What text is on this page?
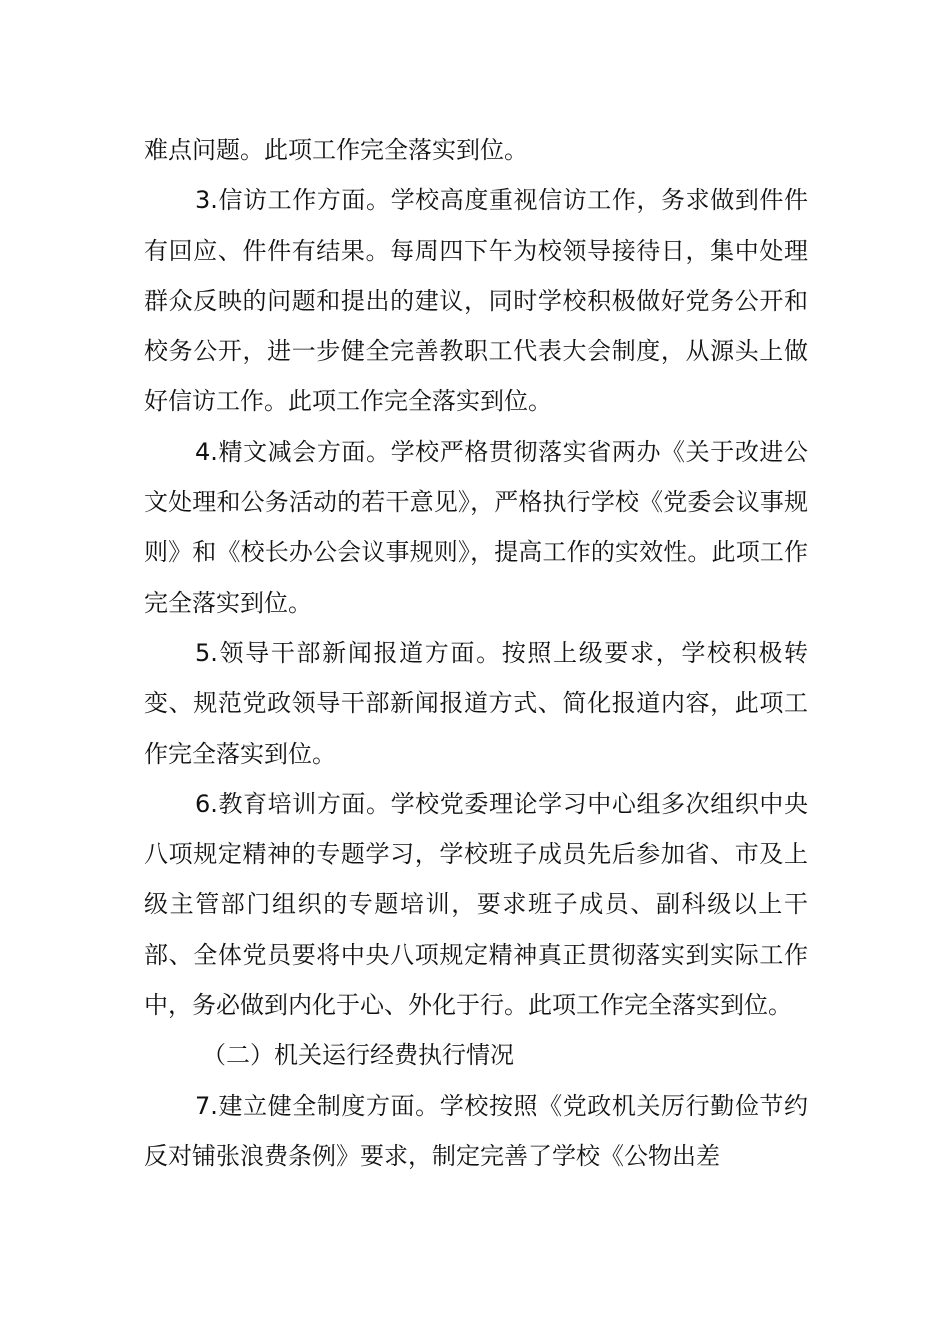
难点问题。此项工作完全落实到位。

3.信访工作方面。学校高度重视信访工作，务求做到件件有回应、件件有结果。每周四下午为校领导接待日，集中处理群众反映的问题和提出的建议，同时学校积极做好党务公开和校务公开，进一步健全完善教职工代表大会制度，从源头上做好信访工作。此项工作完全落实到位。

4.精文减会方面。学校严格贯彻落实省两办《关于改进公文处理和公务活动的若干意见》，严格执行学校《党委会议事规则》和《校长办公会议事规则》，提高工作的实效性。此项工作完全落实到位。

5.领导干部新闻报道方面。按照上级要求，学校积极转变、规范党政领导干部新闻报道方式、简化报道内容，此项工作完全落实到位。

6.教育培训方面。学校党委理论学习中心组多次组织中央八项规定精神的专题学习，学校班子成员先后参加省、市及上级主管部门组织的专题培训，要求班子成员、副科级以上干部、全体党员要将中央八项规定精神真正贯彻落实到实际工作中，务必做到内化于心、外化于行。此项工作完全落实到位。

（二）机关运行经费执行情况

7.建立健全制度方面。学校按照《党政机关厉行勤俭节约反对铺张浪费条例》要求，制定完善了学校《公物出差
